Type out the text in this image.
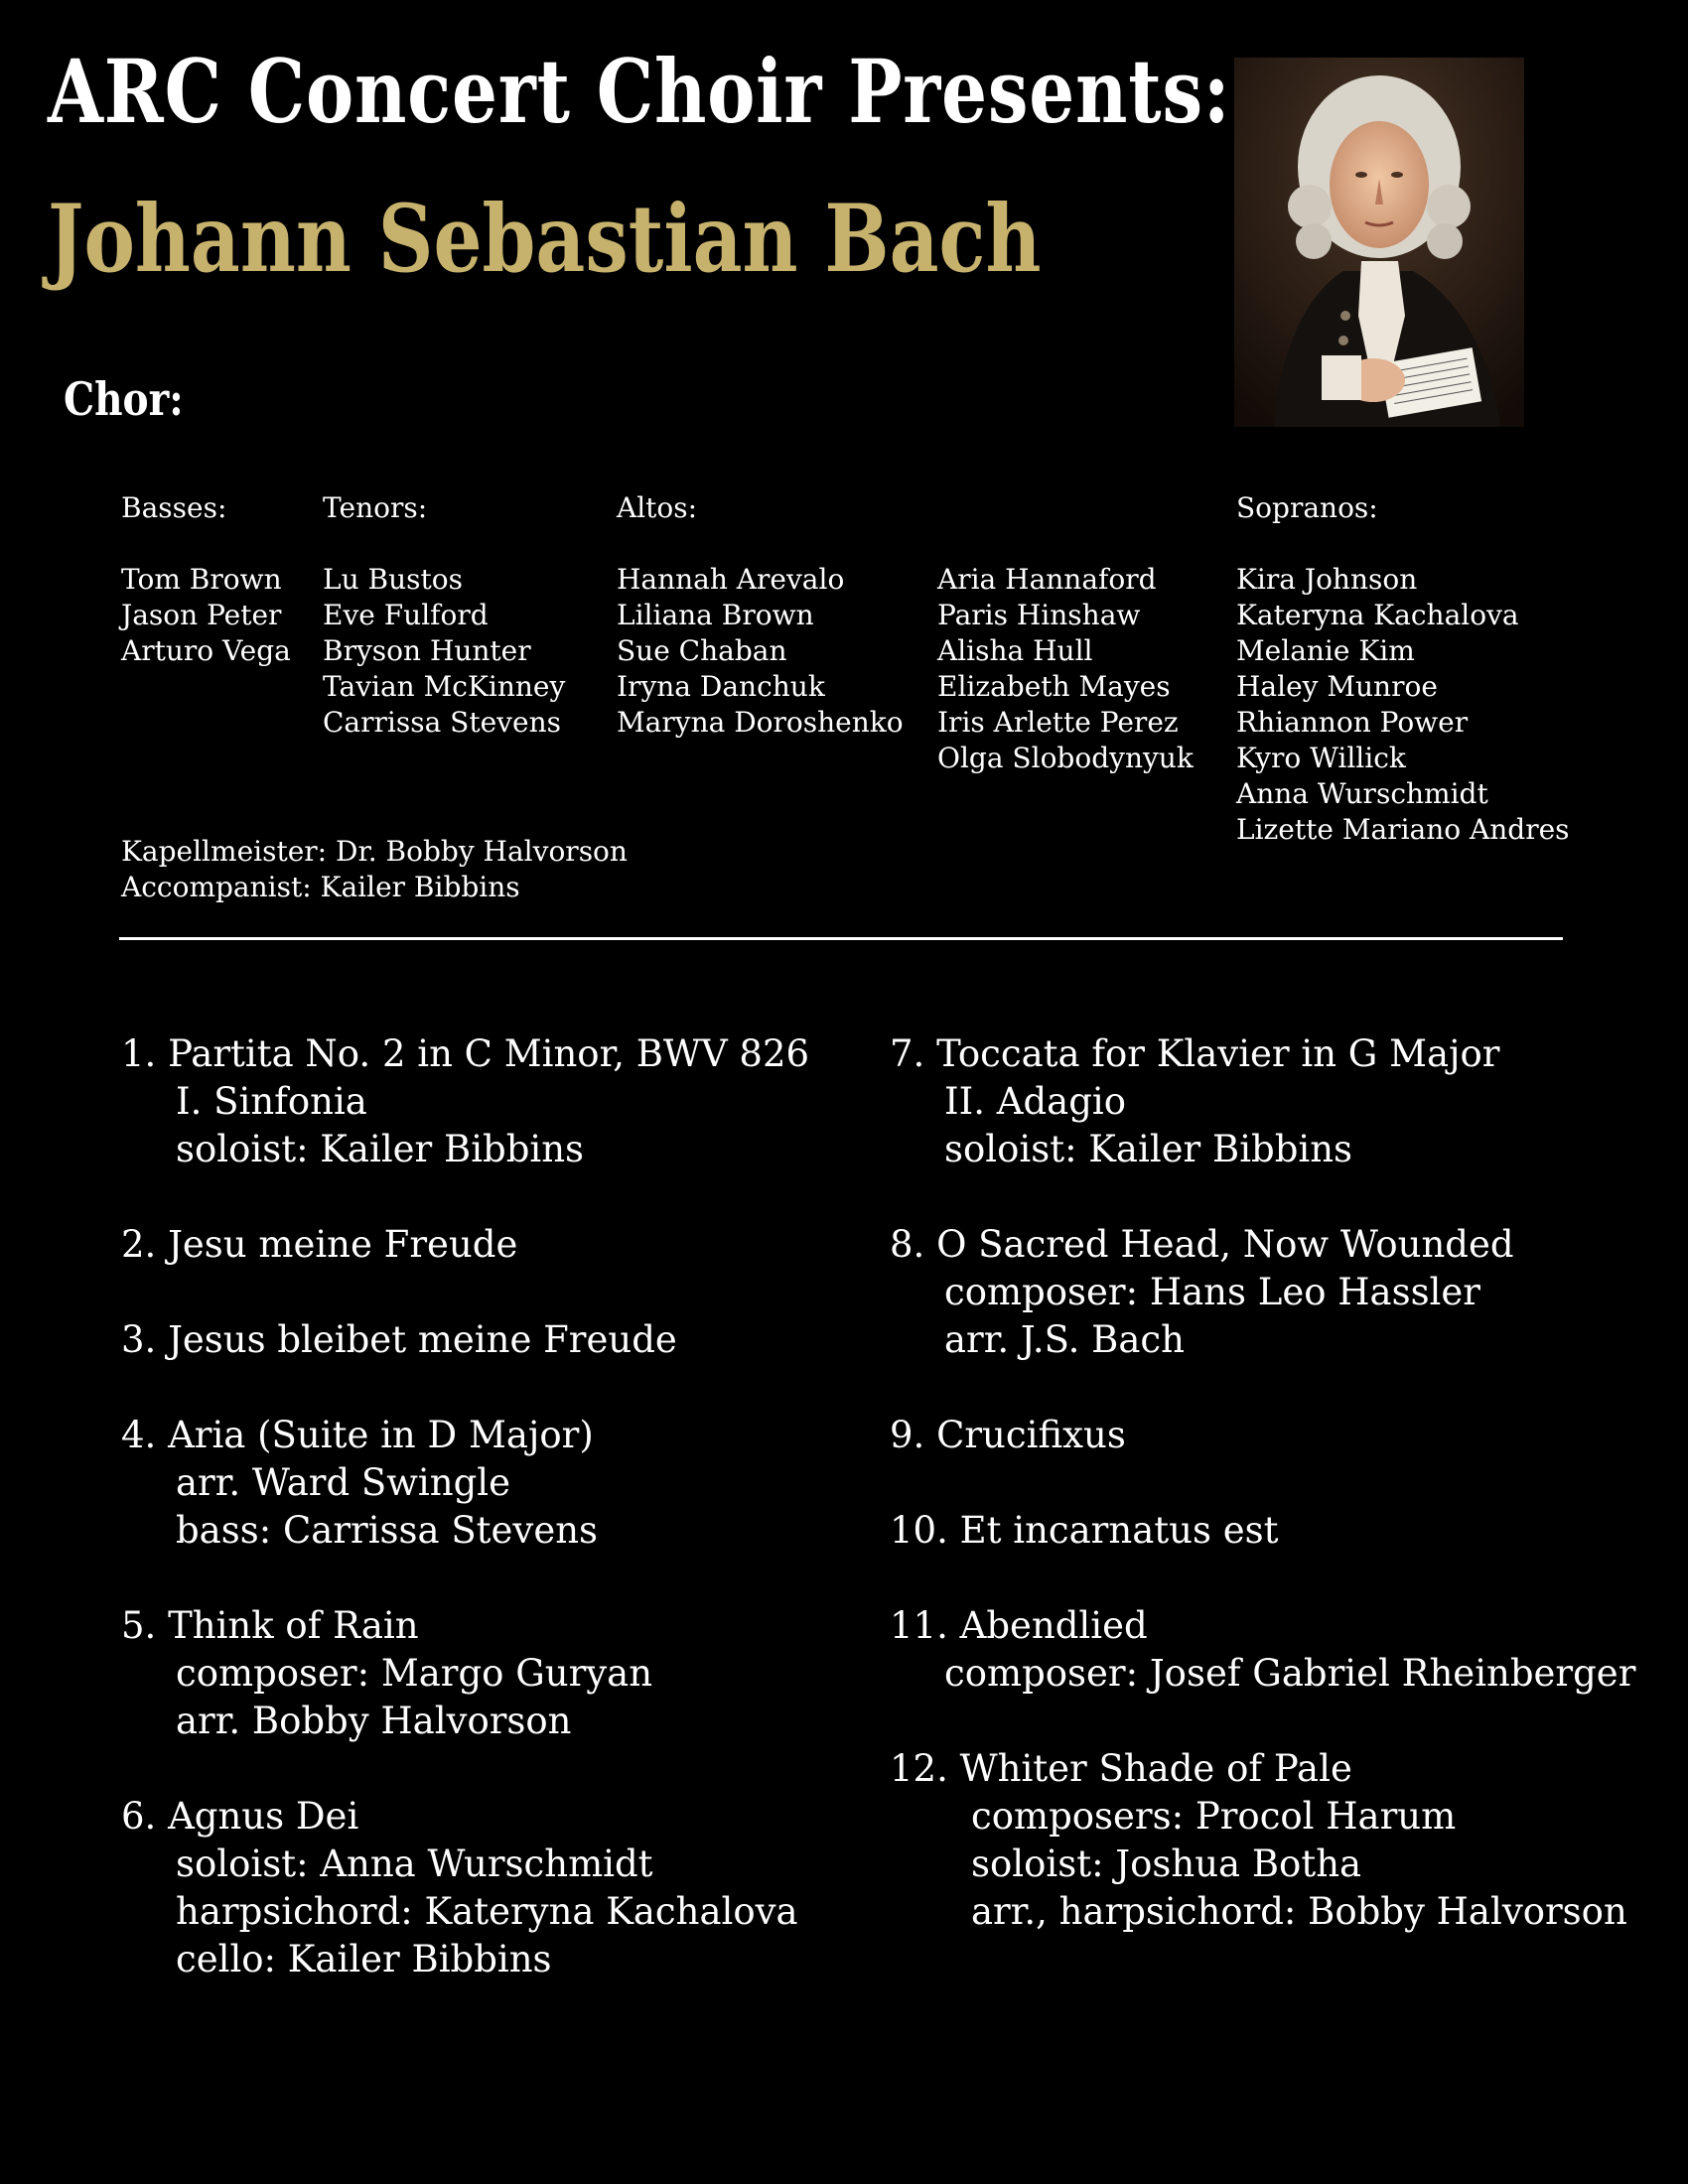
ARC Concert Choir Presents:
Johann Sebastian Bach
Chor:
Basses:
Tom Brown
Jason Peter
Arturo Vega
Tenors:
Lu Bustos
Eve Fulford
Bryson Hunter
Tavian McKinney
Carrissa Stevens
Altos:
Hannah Arevalo
Liliana Brown
Sue Chaban
Iryna Danchuk
Maryna Doroshenko
Aria Hannaford
Paris Hinshaw
Alisha Hull
Elizabeth Mayes
Iris Arlette Perez
Olga Slobodynyuk
Sopranos:
Kira Johnson
Kateryna Kachalova
Melanie Kim
Haley Munroe
Rhiannon Power
Kyro Willick
Anna Wurschmidt
Lizette Mariano Andres
Kapellmeister: Dr. Bobby Halvorson
Accompanist: Kailer Bibbins
1. Partita No. 2 in C Minor, BWV 826
I. Sinfonia
soloist: Kailer Bibbins
2. Jesu meine Freude
3. Jesus bleibet meine Freude
4. Aria (Suite in D Major)
arr. Ward Swingle
bass: Carrissa Stevens
5. Think of Rain
composer: Margo Guryan
arr. Bobby Halvorson
6. Agnus Dei
soloist: Anna Wurschmidt
harpsichord: Kateryna Kachalova
cello: Kailer Bibbins
7. Toccata for Klavier in G Major
II. Adagio
soloist: Kailer Bibbins
8. O Sacred Head, Now Wounded
composer: Hans Leo Hassler
arr. J.S. Bach
9. Crucifixus
10. Et incarnatus est
11. Abendlied
composer: Josef Gabriel Rheinberger
12. Whiter Shade of Pale
composers: Procol Harum
soloist: Joshua Botha
arr., harpsichord: Bobby Halvorson
